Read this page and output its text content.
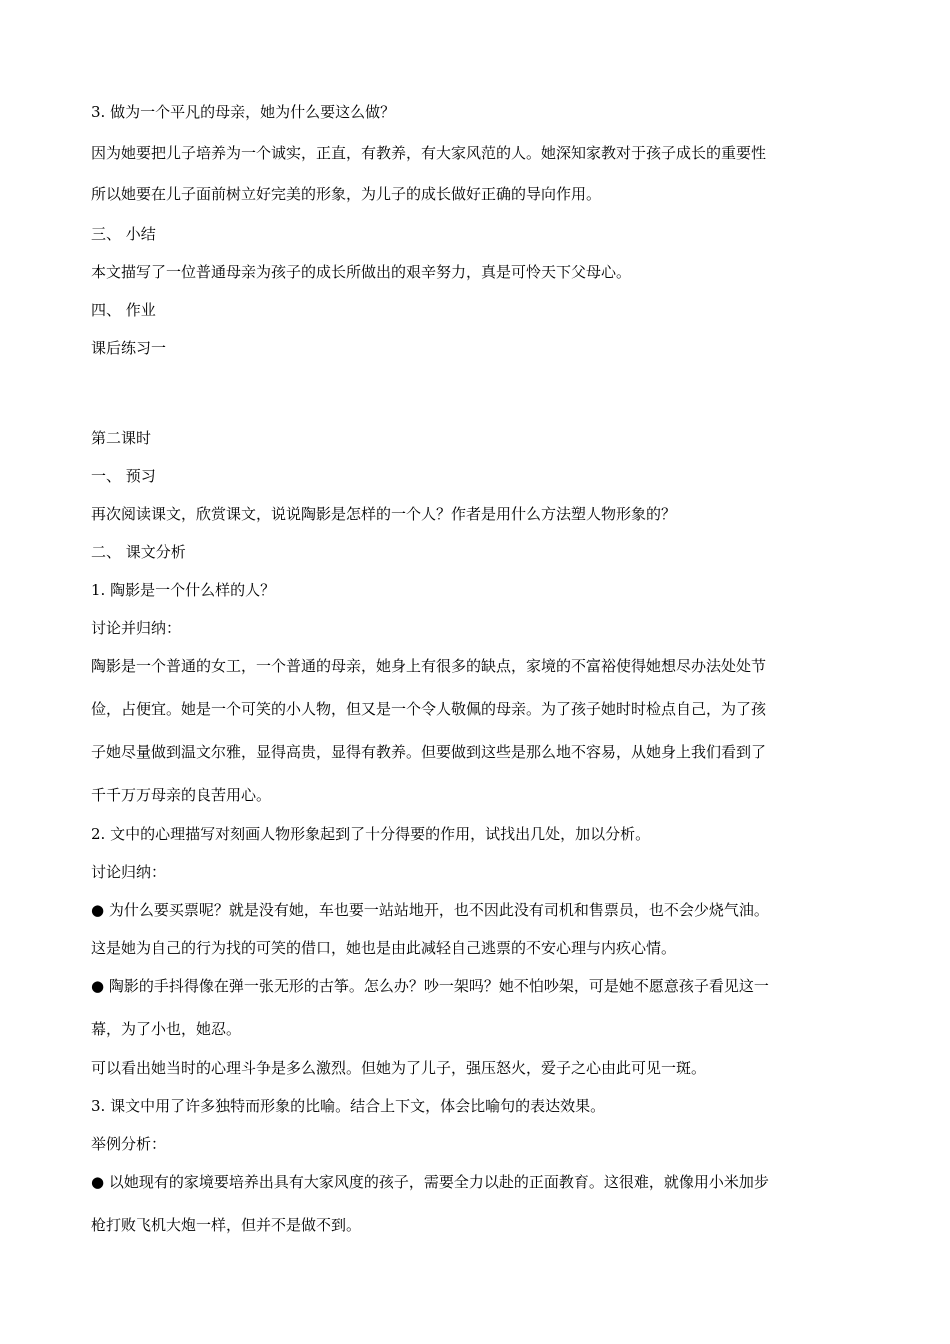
3. 做为一个平凡的母亲，她为什么要这么做？
因为她要把儿子培养为一个诚实，正直，有教养，有大家风范的人。她深知家教对于孩子成长的重要性
所以她要在儿子面前树立好完美的形象，为儿子的成长做好正确的导向作用。
三、 小结
本文描写了一位普通母亲为孩子的成长所做出的艰辛努力，真是可怜天下父母心。
四、 作业
课后练习一
第二课时
一、 预习
再次阅读课文，欣赏课文，说说陶影是怎样的一个人？作者是用什么方法塑人物形象的？
二、 课文分析
1. 陶影是一个什么样的人？
讨论并归纳：
陶影是一个普通的女工，一个普通的母亲，她身上有很多的缺点，家境的不富裕使得她想尽办法处处节
俭，占便宜。她是一个可笑的小人物，但又是一个令人敬佩的母亲。为了孩子她时时检点自己，为了孩
子她尽量做到温文尔雅，显得高贵，显得有教养。但要做到这些是那么地不容易，从她身上我们看到了
千千万万母亲的良苦用心。
2. 文中的心理描写对刻画人物形象起到了十分得要的作用，试找出几处，加以分析。
讨论归纳：
● 为什么要买票呢？就是没有她，车也要一站站地开，也不因此没有司机和售票员，也不会少烧气油。
这是她为自己的行为找的可笑的借口，她也是由此减轻自己逃票的不安心理与内疚心情。
● 陶影的手抖得像在弹一张无形的古筝。怎么办？吵一架吗？她不怕吵架，可是她不愿意孩子看见这一
幕，为了小也，她忍。
可以看出她当时的心理斗争是多么激烈。但她为了儿子，强压怒火，爱子之心由此可见一斑。
3. 课文中用了许多独特而形象的比喻。结合上下文，体会比喻句的表达效果。
举例分析：
● 以她现有的家境要培养出具有大家风度的孩子，需要全力以赴的正面教育。这很难，就像用小米加步
枪打败飞机大炮一样，但并不是做不到。
